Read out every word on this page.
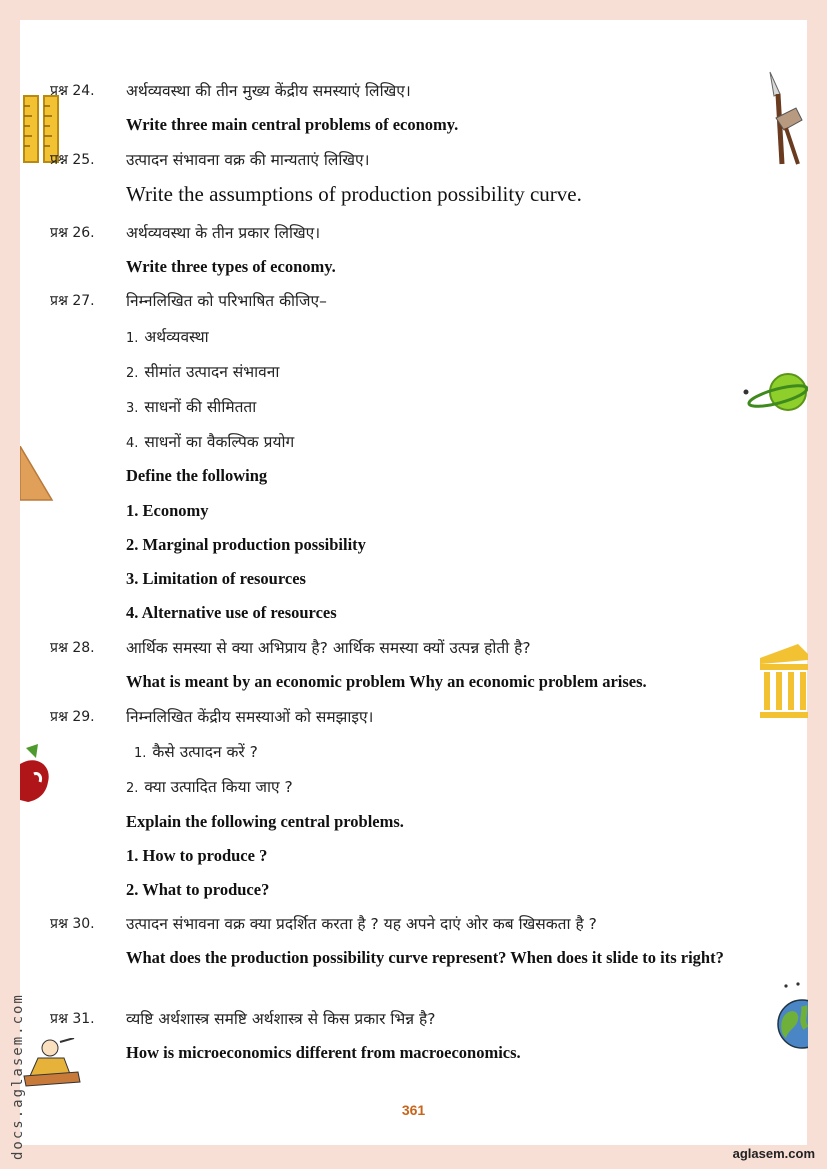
docs.aglasem.com
प्रश्न 24. अर्थव्यवस्था की तीन मुख्य केंद्रीय समस्याएं लिखिए।
Write three main central problems of economy.
प्रश्न 25. उत्पादन संभावना वक्र की मान्यताएं लिखिए।
Write the assumptions of production possibility curve.
प्रश्न 26. अर्थव्यवस्था के तीन प्रकार लिखिए।
Write three types of economy.
प्रश्न 27. निम्नलिखित को परिभाषित कीजिए–
1. अर्थव्यवस्था
2. सीमांत उत्पादन संभावना
3. साधनों की सीमितता
4. साधनों का वैकल्पिक प्रयोग
Define the following
1. Economy
2. Marginal production possibility
3. Limitation of resources
4. Alternative use of resources
प्रश्न 28. आर्थिक समस्या से क्या अभिप्राय है? आर्थिक समस्या क्यों उत्पन्न होती है?
What is meant by an economic problem Why an economic problem arises.
प्रश्न 29. निम्नलिखित केंद्रीय समस्याओं को समझाइए।
1. कैसे उत्पादन करें ?
2. क्या उत्पादित किया जाए ?
Explain the following central problems.
1. How to produce ?
2. What to produce?
प्रश्न 30. उत्पादन संभावना वक्र क्या प्रदर्शित करता है ? यह अपने दाएं ओर कब खिसकता है ?
What does the production possibility curve represent? When does it slide to its right?
प्रश्न 31. व्यष्टि अर्थशास्त्र समष्टि अर्थशास्त्र से किस प्रकार भिन्न है?
How is microeconomics different from macroeconomics.
361
aglasem.com
